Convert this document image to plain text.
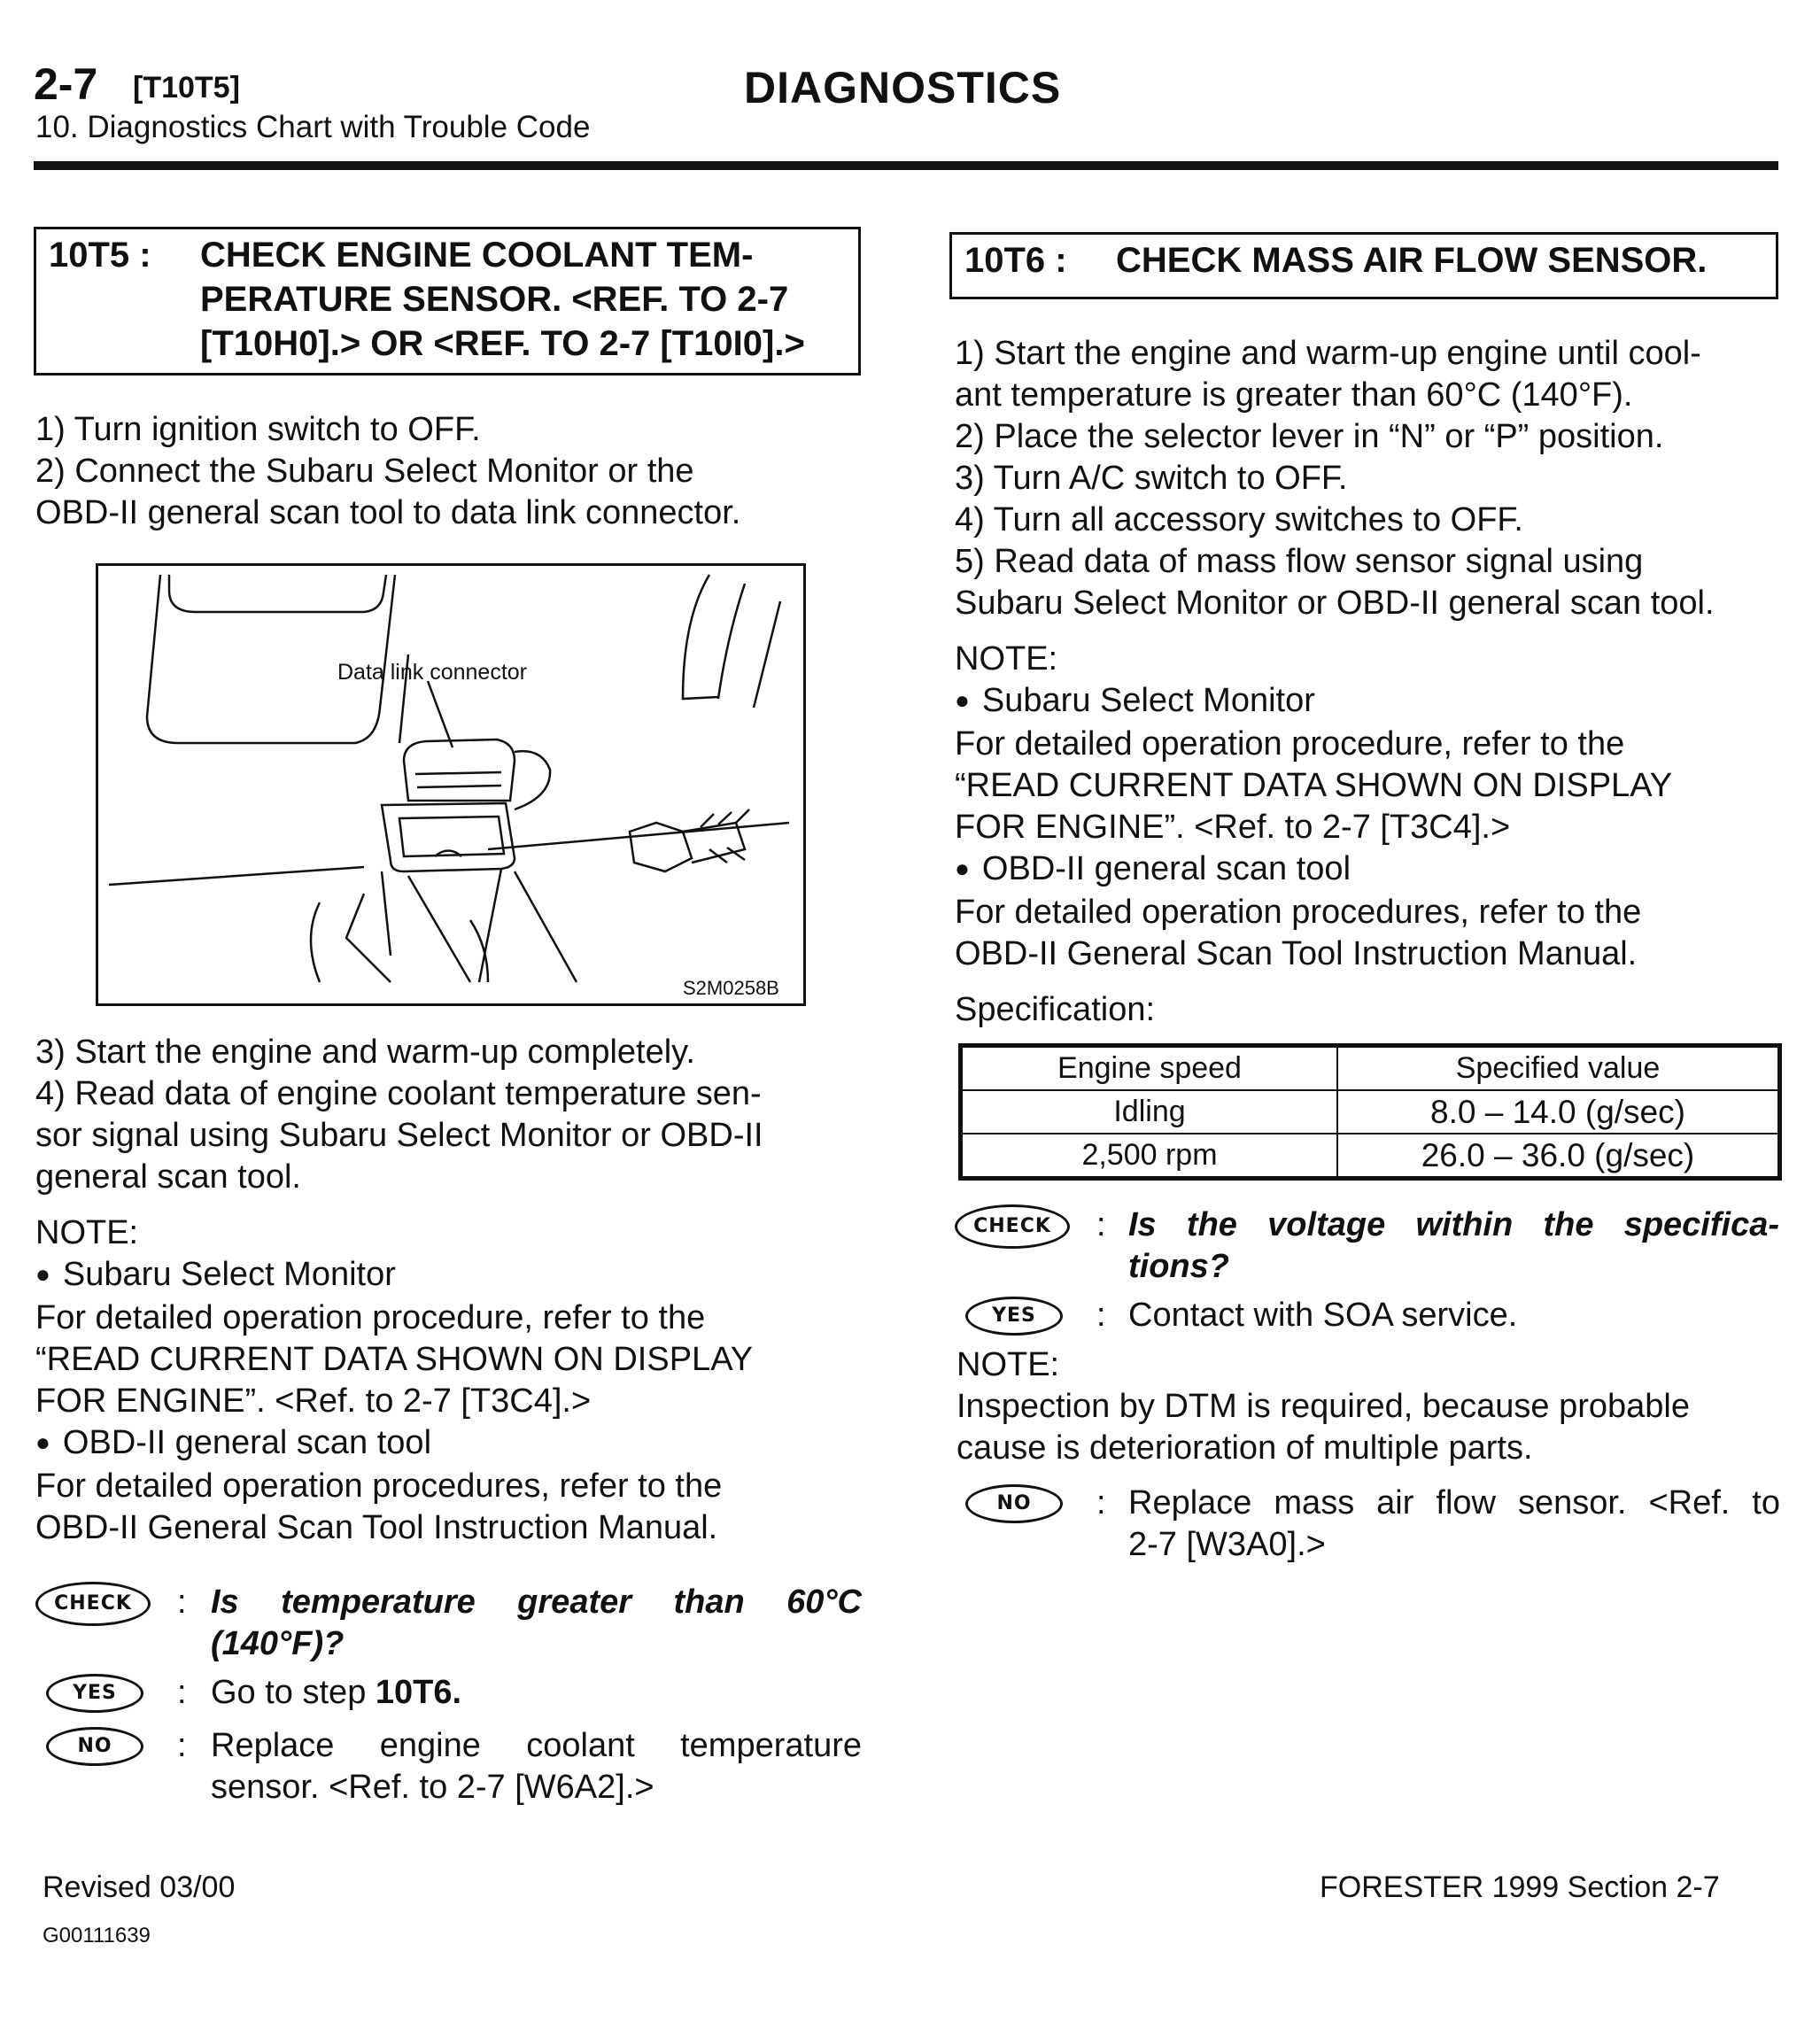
2-7 [T10T5]	DIAGNOSTICS
10. Diagnostics Chart with Trouble Code
10T5 : CHECK ENGINE COOLANT TEM-
PERATURE SENSOR. <REF. TO 2-7
[T10H0].> OR <REF. TO 2-7 [T10I0].>

1) Turn ignition switch to OFF.

2) Connect the Subaru Select Monitor or the

OBD-II general scan tool to data link connector.

Data link connector
S2M0258B

3) Start the engine and warm-up completely.

4) Read data of engine coolant temperature sen-

sor signal using Subaru Select Monitor or OBD-II

general scan tool.

NOTE:

● Subaru Select Monitor

For detailed operation procedure, refer to the

“READ CURRENT DATA SHOWN ON DISPLAY

FOR ENGINE”. <Ref. to 2-7 [T3C4].>

● OBD-II general scan tool

For detailed operation procedures, refer to the

OBD-II General Scan Tool Instruction Manual.

CHECK	: Is temperature greater than 60°C

(140°F)?

YES	: Go to step 10T6.
NO	: Replace engine coolant temperature

sensor. <Ref. to 2-7 [W6A2].>

10T6 : CHECK MASS AIR FLOW SENSOR.

1) Start the engine and warm-up engine until cool-

ant temperature is greater than 60°C (140°F).

2) Place the selector lever in “N” or “P” position.

3) Turn A/C switch to OFF.

4) Turn all accessory switches to OFF.

5) Read data of mass flow sensor signal using

Subaru Select Monitor or OBD-II general scan tool.

NOTE:

● Subaru Select Monitor

For detailed operation procedure, refer to the

“READ CURRENT DATA SHOWN ON DISPLAY

FOR ENGINE”. <Ref. to 2-7 [T3C4].>

● OBD-II general scan tool

For detailed operation procedures, refer to the

OBD-II General Scan Tool Instruction Manual.

Specification:

Engine speed	Specified value
Idling	8.0 – 14.0 (g/sec)
2,500 rpm	26.0 – 36.0 (g/sec)
CHECK	: Is the voltage within the specifica-

tions?

YES	: Contact with SOA service.

NOTE:

Inspection by DTM is required, because probable

cause is deterioration of multiple parts.

NO	: Replace mass air flow sensor. <Ref. to

2-7 [W3A0].>

Revised 03/00
G00111639
FORESTER 1999 Section 2-7
